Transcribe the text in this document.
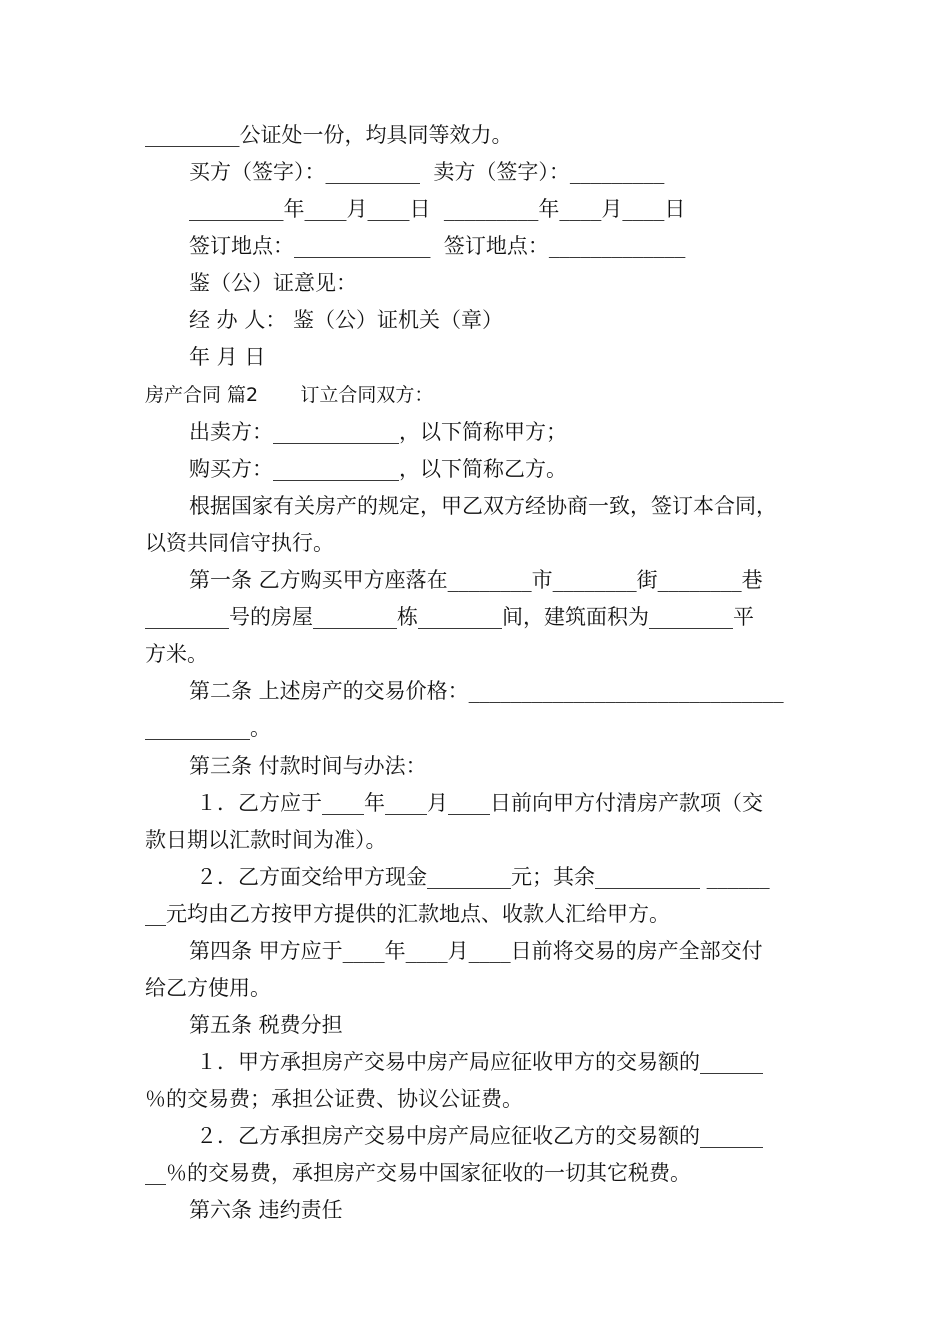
_________公证处一份，均具同等效力。
买方（签字）：_________  卖方（签字）：_________
_________年____月____日  _________年____月____日
签订地点：_____________  签订地点：_____________
鉴（公）证意见：
经 办 人： 鉴（公）证机关（章）
年 月 日
房产合同 篇2       订立合同双方：
出卖方：____________，以下简称甲方；
购买方：____________，以下简称乙方。
根据国家有关房产的规定，甲乙双方经协商一致，签订本合同，
以资共同信守执行。
第一条 乙方购买甲方座落在________市________街________巷
________号的房屋________栋________间，建筑面积为________平
方米。
第二条 上述房产的交易价格：______________________________
__________。
第三条 付款时间与办法：
１．乙方应于____年____月____日前向甲方付清房产款项（交
款日期以汇款时间为准）。
２．乙方面交给甲方现金________元；其余__________ ______
__元均由乙方按甲方提供的汇款地点、收款人汇给甲方。
第四条 甲方应于____年____月____日前将交易的房产全部交付
给乙方使用。
第五条 税费分担
１．甲方承担房产交易中房产局应征收甲方的交易额的______
％的交易费；承担公证费、协议公证费。
２．乙方承担房产交易中房产局应征收乙方的交易额的______
__％的交易费，承担房产交易中国家征收的一切其它税费。
第六条 违约责任
